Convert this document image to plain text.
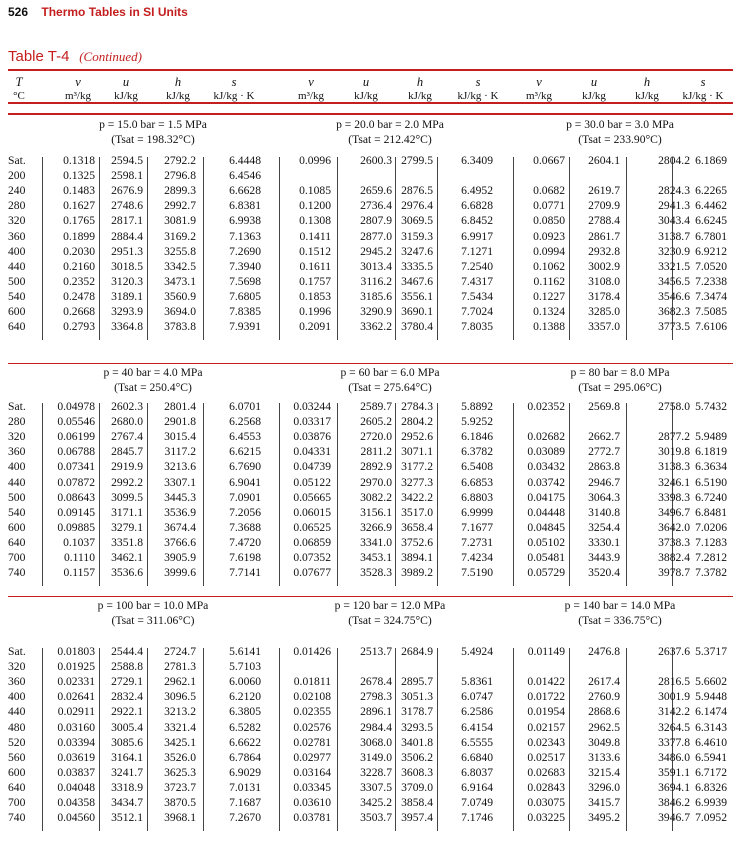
526 Thermo Tables in SI Units
Table T-4 (Continued)
T
°C
v
m³/kg
u
kJ/kg
h
kJ/kg
s
kJ/kg · K
v
m³/kg
u
kJ/kg
h
kJ/kg
s
kJ/kg · K
v
m³/kg
u
kJ/kg
h
kJ/kg
s
kJ/kg · K
p = 15.0 bar = 1.5 MPa
(Tsat = 198.32°C)
p = 20.0 bar = 2.0 MPa
(Tsat = 212.42°C)
p = 30.0 bar = 3.0 MPa
(Tsat = 233.90°C)
Sat.
200
240
280
320
360
400
440
500
540
600
640
0.1318
0.1325
0.1483
0.1627
0.1765
0.1899
0.2030
0.2160
0.2352
0.2478
0.2668
0.2793
2594.5
2598.1
2676.9
2748.6
2817.1
2884.4
2951.3
3018.5
3120.3
3189.1
3293.9
3364.8
2792.2
2796.8
2899.3
2992.7
3081.9
3169.2
3255.8
3342.5
3473.1
3560.9
3694.0
3783.8
6.4448
6.4546
6.6628
6.8381
6.9938
7.1363
7.2690
7.3940
7.5698
7.6805
7.8385
7.9391
0.0996
0.1085
0.1200
0.1308
0.1411
0.1512
0.1611
0.1757
0.1853
0.1996
0.2091
2600.3
2659.6
2736.4
2807.9
2877.0
2945.2
3013.4
3116.2
3185.6
3290.9
3362.2
2799.5
2876.5
2976.4
3069.5
3159.3
3247.6
3335.5
3467.6
3556.1
3690.1
3780.4
6.3409
6.4952
6.6828
6.8452
6.9917
7.1271
7.2540
7.4317
7.5434
7.7024
7.8035
0.0667
0.0682
0.0771
0.0850
0.0923
0.0994
0.1062
0.1162
0.1227
0.1324
0.1388
2604.1
2619.7
2709.9
2788.4
2861.7
2932.8
3002.9
3108.0
3178.4
3285.0
3357.0
2804.2
2824.3
2941.3
3043.4
3138.7
3230.9
3321.5
3456.5
3546.6
3682.3
3773.5
6.1869
6.2265
6.4462
6.6245
6.7801
6.9212
7.0520
7.2338
7.3474
7.5085
7.6106
p = 40 bar = 4.0 MPa
(Tsat = 250.4°C)
p = 60 bar = 6.0 MPa
(Tsat = 275.64°C)
p = 80 bar = 8.0 MPa
(Tsat = 295.06°C)
Sat.
280
320
360
400
440
500
540
600
640
700
740
0.04978
0.05546
0.06199
0.06788
0.07341
0.07872
0.08643
0.09145
0.09885
0.1037
0.1110
0.1157
2602.3
2680.0
2767.4
2845.7
2919.9
2992.2
3099.5
3171.1
3279.1
3351.8
3462.1
3536.6
2801.4
2901.8
3015.4
3117.2
3213.6
3307.1
3445.3
3536.9
3674.4
3766.6
3905.9
3999.6
6.0701
6.2568
6.4553
6.6215
6.7690
6.9041
7.0901
7.2056
7.3688
7.4720
7.6198
7.7141
0.03244
0.03317
0.03876
0.04331
0.04739
0.05122
0.05665
0.06015
0.06525
0.06859
0.07352
0.07677
2589.7
2605.2
2720.0
2811.2
2892.9
2970.0
3082.2
3156.1
3266.9
3341.0
3453.1
3528.3
2784.3
2804.2
2952.6
3071.1
3177.2
3277.3
3422.2
3517.0
3658.4
3752.6
3894.1
3989.2
5.8892
5.9252
6.1846
6.3782
6.5408
6.6853
6.8803
6.9999
7.1677
7.2731
7.4234
7.5190
0.02352
0.02682
0.03089
0.03432
0.03742
0.04175
0.04448
0.04845
0.05102
0.05481
0.05729
2569.8
2662.7
2772.7
2863.8
2946.7
3064.3
3140.8
3254.4
3330.1
3443.9
3520.4
2758.0
2877.2
3019.8
3138.3
3246.1
3398.3
3496.7
3642.0
3738.3
3882.4
3978.7
5.7432
5.9489
6.1819
6.3634
6.5190
6.7240
6.8481
7.0206
7.1283
7.2812
7.3782
p = 100 bar = 10.0 MPa
(Tsat = 311.06°C)
p = 120 bar = 12.0 MPa
(Tsat = 324.75°C)
p = 140 bar = 14.0 MPa
(Tsat = 336.75°C)
Sat.
320
360
400
440
480
520
560
600
640
700
740
0.01803
0.01925
0.02331
0.02641
0.02911
0.03160
0.03394
0.03619
0.03837
0.04048
0.04358
0.04560
2544.4
2588.8
2729.1
2832.4
2922.1
3005.4
3085.6
3164.1
3241.7
3318.9
3434.7
3512.1
2724.7
2781.3
2962.1
3096.5
3213.2
3321.4
3425.1
3526.0
3625.3
3723.7
3870.5
3968.1
5.6141
5.7103
6.0060
6.2120
6.3805
6.5282
6.6622
6.7864
6.9029
7.0131
7.1687
7.2670
0.01426
0.01811
0.02108
0.02355
0.02576
0.02781
0.02977
0.03164
0.03345
0.03610
0.03781
2513.7
2678.4
2798.3
2896.1
2984.4
3068.0
3149.0
3228.7
3307.5
3425.2
3503.7
2684.9
2895.7
3051.3
3178.7
3293.5
3401.8
3506.2
3608.3
3709.0
3858.4
3957.4
5.4924
5.8361
6.0747
6.2586
6.4154
6.5555
6.6840
6.8037
6.9164
7.0749
7.1746
0.01149
0.01422
0.01722
0.01954
0.02157
0.02343
0.02517
0.02683
0.02843
0.03075
0.03225
2476.8
2617.4
2760.9
2868.6
2962.5
3049.8
3133.6
3215.4
3296.0
3415.7
3495.2
2637.6
2816.5
3001.9
3142.2
3264.5
3377.8
3486.0
3591.1
3694.1
3846.2
3946.7
5.3717
5.6602
5.9448
6.1474
6.3143
6.4610
6.5941
6.7172
6.8326
6.9939
7.0952
